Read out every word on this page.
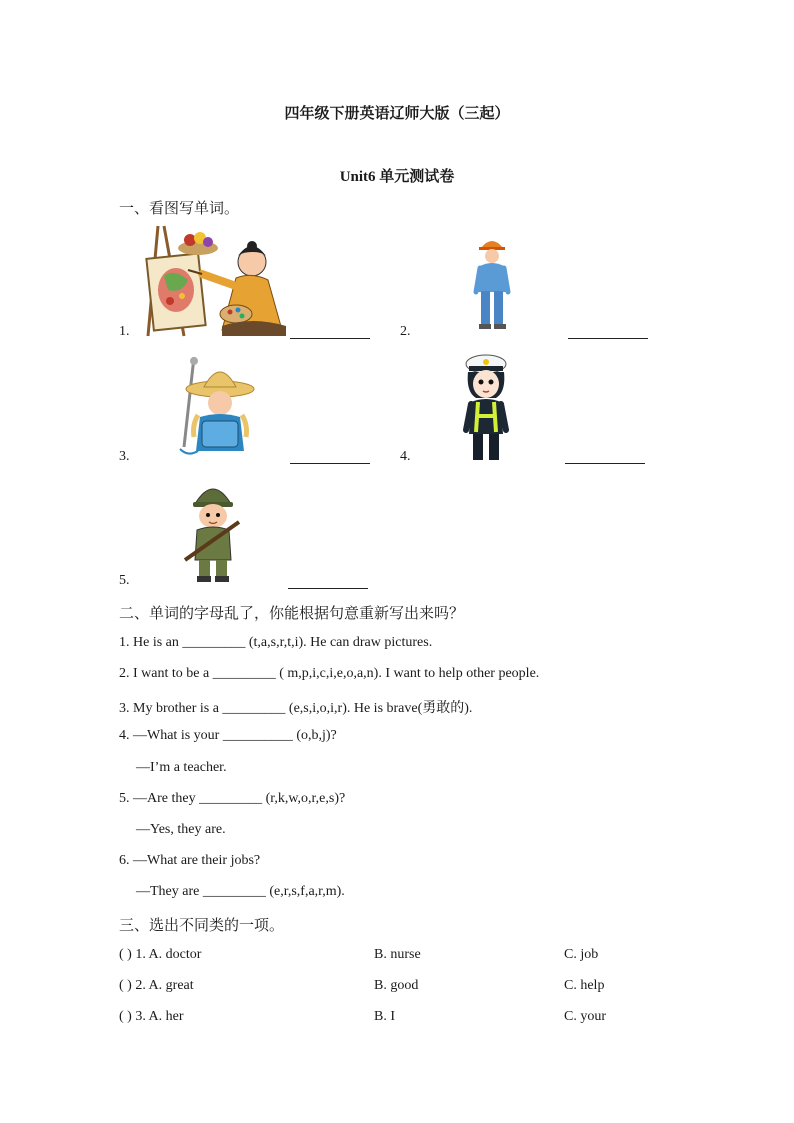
四年级下册英语辽师大版（三起）
Unit6 单元测试卷
一、看图写单词。
1.	2.
3.	4.
5.
二、单词的字母乱了，你能根据句意重新写出来吗？
1. He is an _________ (t,a,s,r,t,i). He can draw pictures.
2. I want to be a _________ ( m,p,i,c,i,e,o,a,n). I want to help other people.
3. My brother is a _________ (e,s,i,o,i,r). He is brave(勇敢的).
4. —What is your __________ (o,b,j)?
—I’m a teacher.
5. —Are they _________ (r,k,w,o,r,e,s)?
—Yes, they are.
6. —What are their jobs?
—They are _________ (e,r,s,f,a,r,m).
三、选出不同类的一项。
( ) 1. A. doctor	B. nurse	C. job
( ) 2. A. great	B. good	C. help
( ) 3. A. her	B. I	C. your
